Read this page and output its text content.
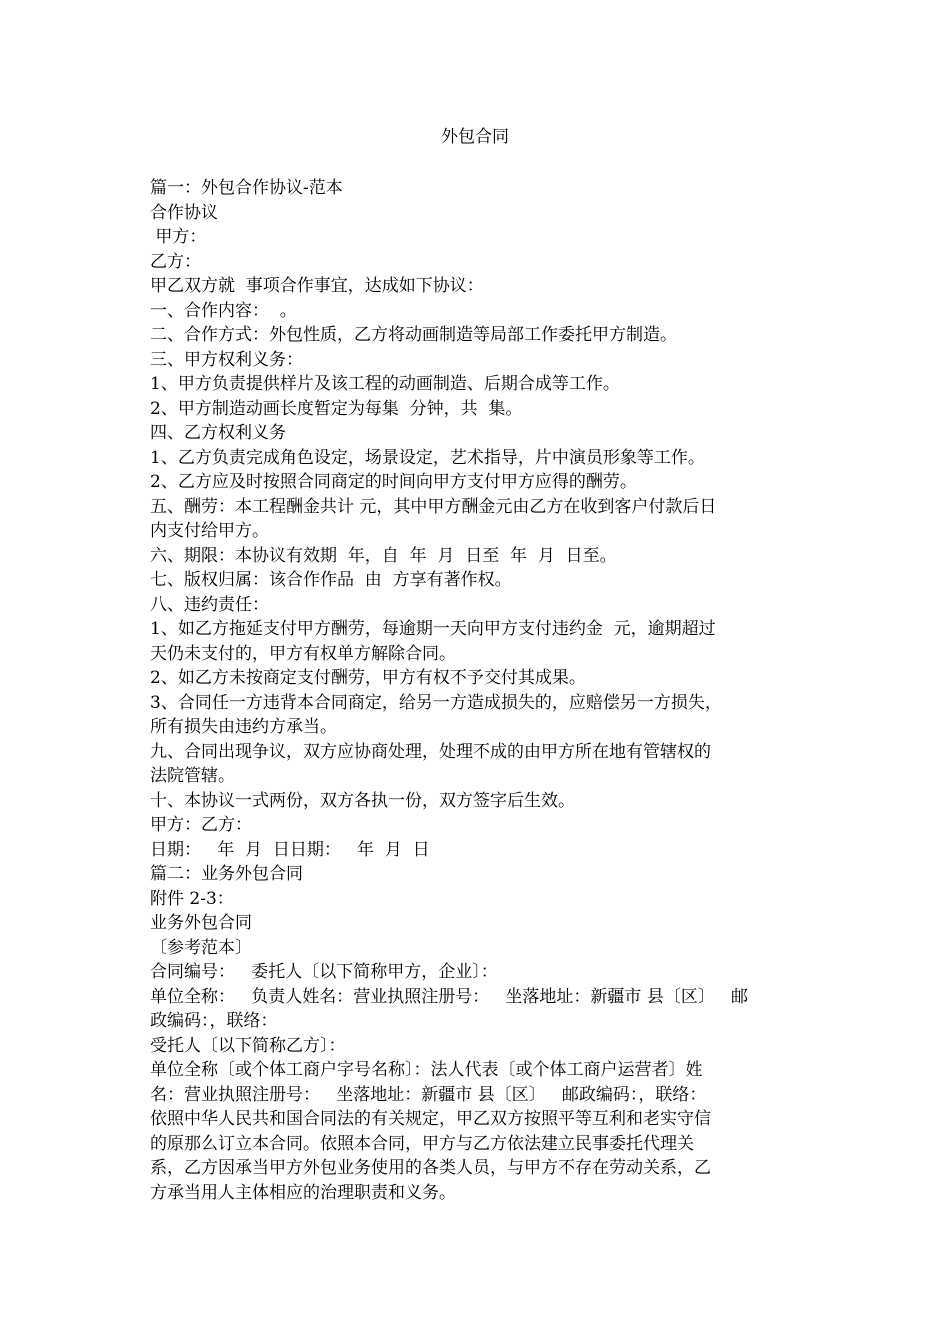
外包合同
篇一：外包合作协议-范本
合作协议
甲方：
乙方：
甲乙双方就  事项合作事宜，达成如下协议：
一、合作内容：  。
二、合作方式：外包性质，乙方将动画制造等局部工作委托甲方制造。
三、甲方权利义务：
1、甲方负责提供样片及该工程的动画制造、后期合成等工作。
2、甲方制造动画长度暂定为每集  分钟，共  集。
四、乙方权利义务
1、乙方负责完成角色设定，场景设定，艺术指导，片中演员形象等工作。
2、乙方应及时按照合同商定的时间向甲方支付甲方应得的酬劳。
五、酬劳：本工程酬金共计 元，其中甲方酬金元由乙方在收到客户付款后日
内支付给甲方。
六、期限：本协议有效期  年，自  年  月  日至  年  月  日至。
七、版权归属：该合作作品  由  方享有著作权。
八、违约责任：
1、如乙方拖延支付甲方酬劳，每逾期一天向甲方支付违约金  元，逾期超过
天仍未支付的，甲方有权单方解除合同。
2、如乙方未按商定支付酬劳，甲方有权不予交付其成果。
3、合同任一方违背本合同商定，给另一方造成损失的，应赔偿另一方损失，
所有损失由违约方承当。
九、合同出现争议，双方应协商处理，处理不成的由甲方所在地有管辖权的
法院管辖。
十、本协议一式两份，双方各执一份，双方签字后生效。
甲方：乙方：
日期：   年  月  日日期：   年  月  日
篇二：业务外包合同
附件 2-3：
业务外包合同
〔参考范本〕
合同编号：   委托人〔以下简称甲方，企业〕：
单位全称：   负责人姓名：营业执照注册号：   坐落地址：新疆市 县〔区〕   邮
政编码：，联络：
受托人〔以下简称乙方〕：
单位全称〔或个体工商户字号名称〕：法人代表〔或个体工商户运营者〕姓
名：营业执照注册号：   坐落地址：新疆市 县〔区〕   邮政编码：，联络：
依照中华人民共和国合同法的有关规定，甲乙双方按照平等互利和老实守信
的原那么订立本合同。依照本合同，甲方与乙方依法建立民事委托代理关
系，乙方因承当甲方外包业务使用的各类人员，与甲方不存在劳动关系，乙
方承当用人主体相应的治理职责和义务。
